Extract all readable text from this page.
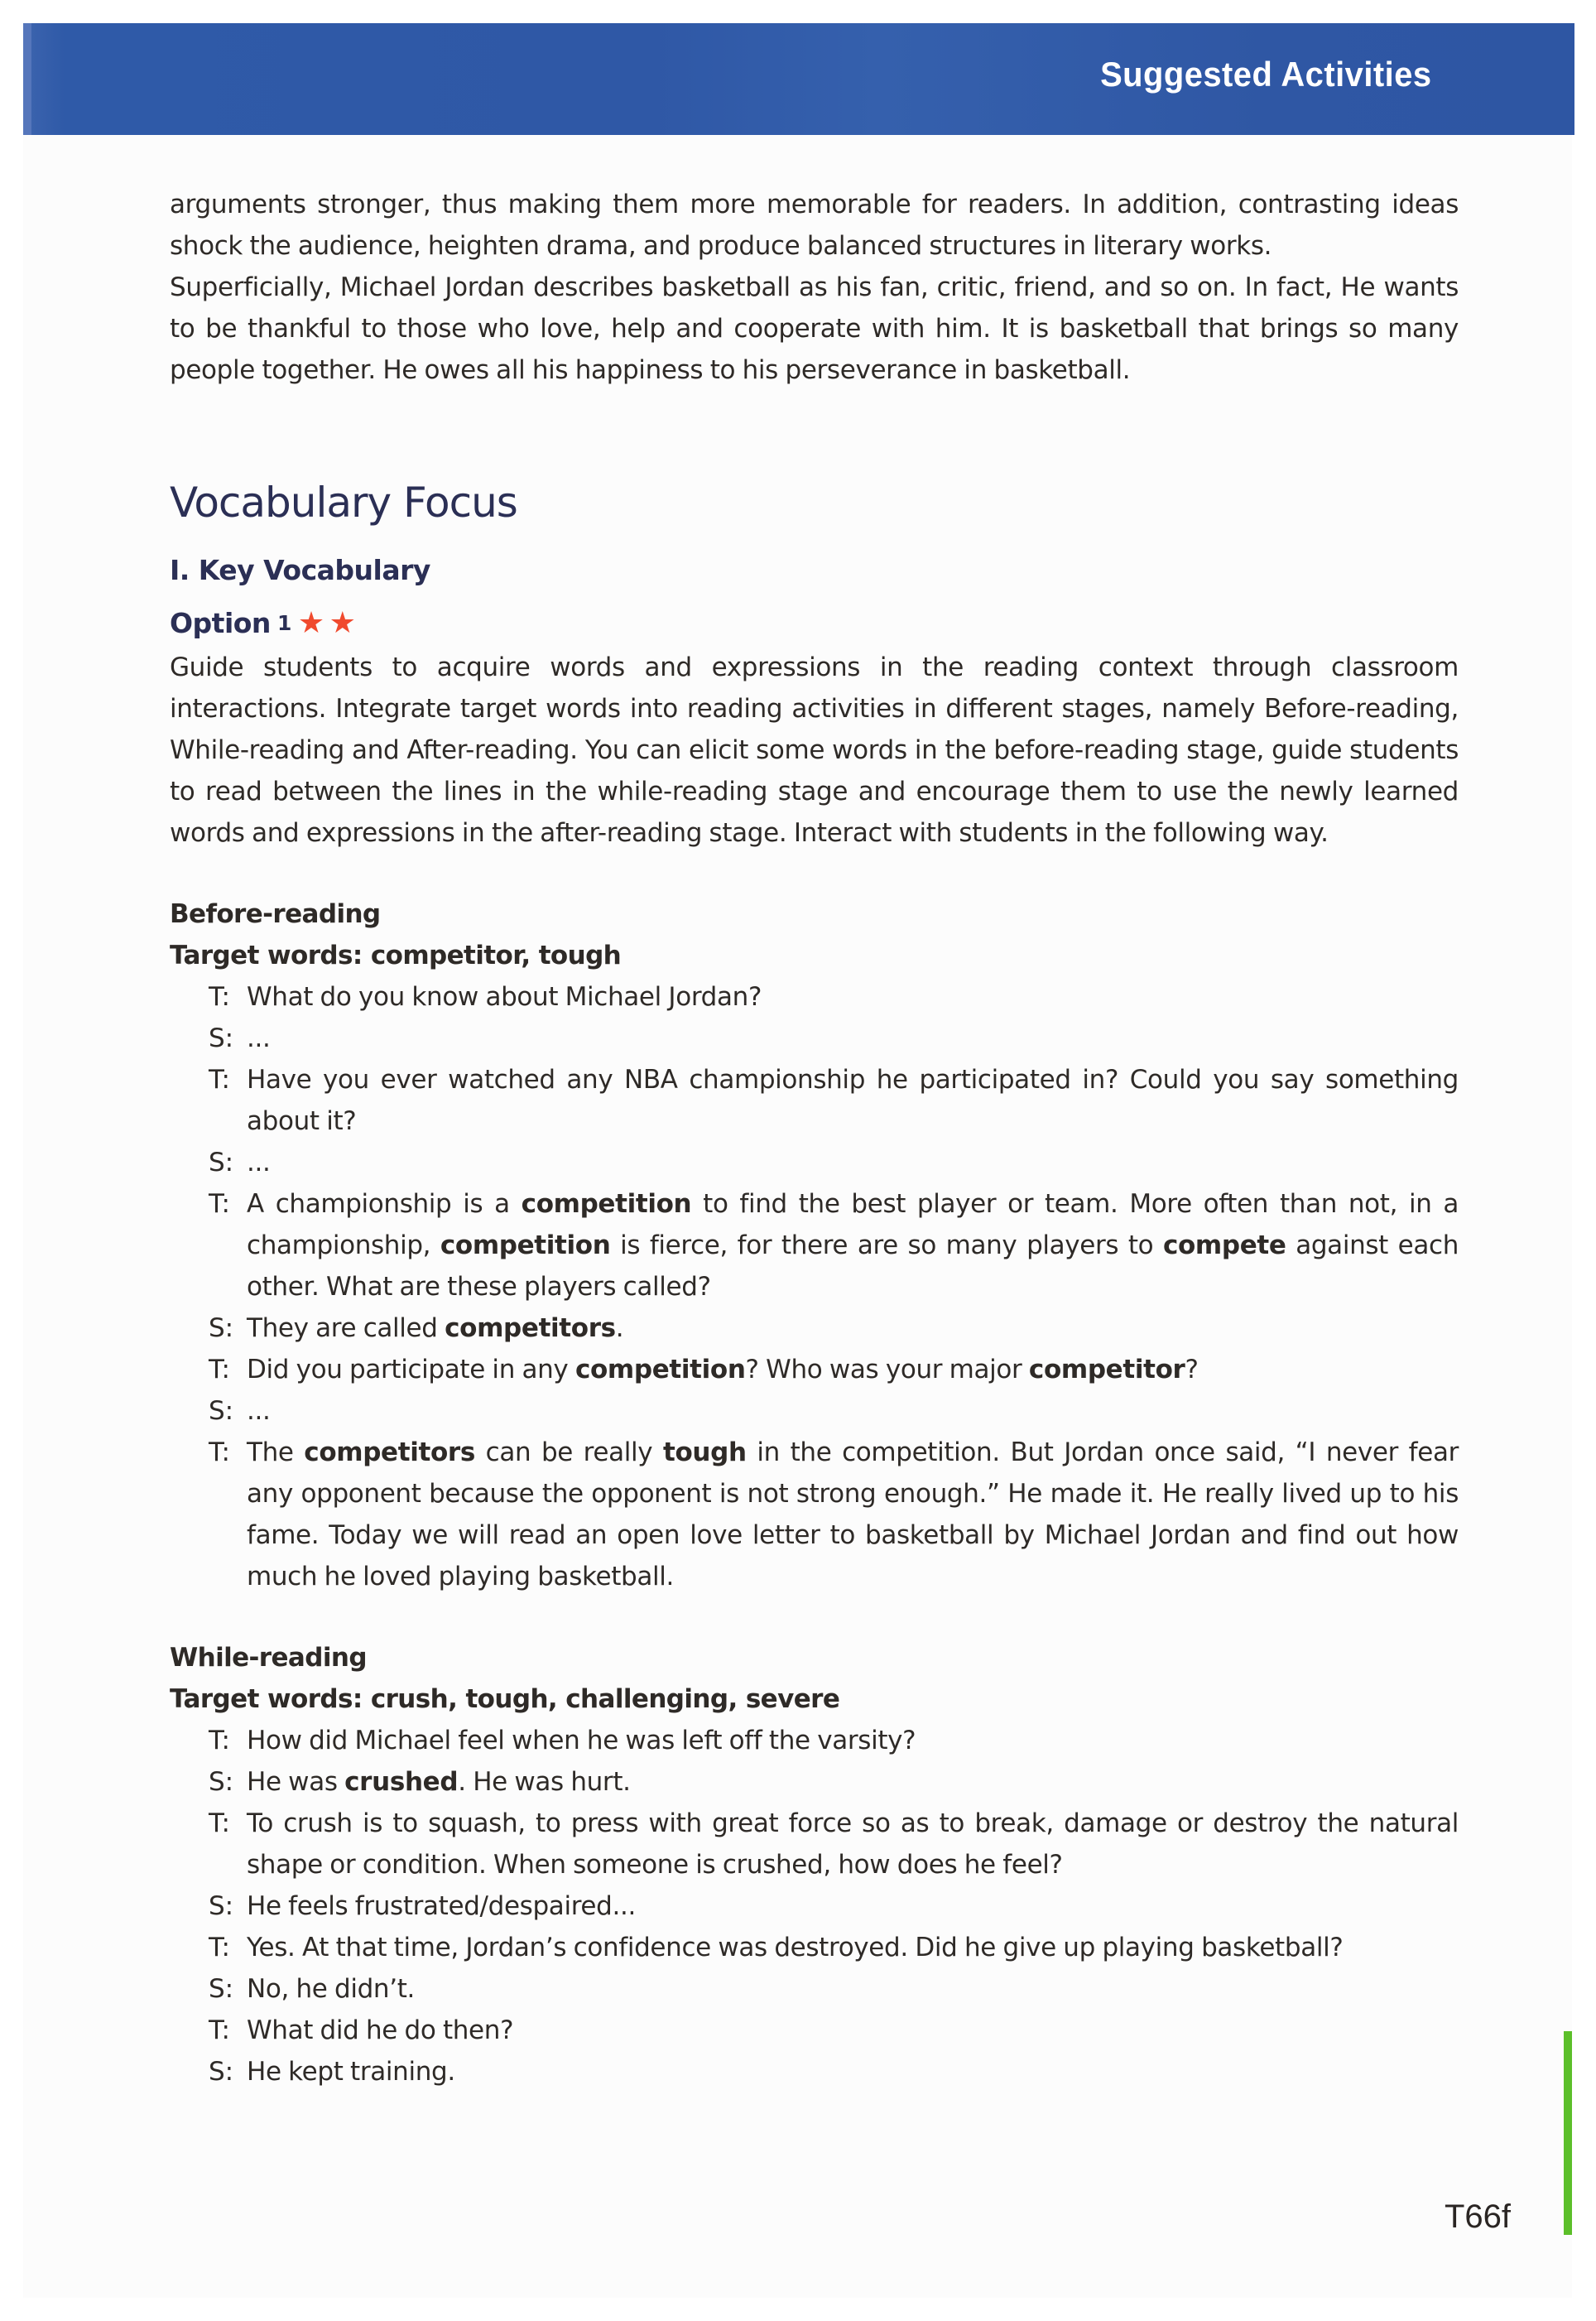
Suggested Activities

arguments stronger, thus making them more memorable for readers. In addition, contrasting ideas shock the audience, heighten drama, and produce balanced structures in literary works.

Superficially, Michael Jordan describes basketball as his fan, critic, friend, and so on. In fact, He wants to be thankful to those who love, help and cooperate with him. It is basketball that brings so many people together. He owes all his happiness to his perseverance in basketball.

Vocabulary Focus
I. Key Vocabulary
Option 1 ★ ★

Guide students to acquire words and expressions in the reading context through classroom interactions. Integrate target words into reading activities in different stages, namely Before-reading, While-reading and After-reading. You can elicit some words in the before-reading stage, guide students to read between the lines in the while-reading stage and encourage them to use the newly learned words and expressions in the after-reading stage. Interact with students in the following way.

Before-reading
Target words: competitor, tough
T: What do you know about Michael Jordan?
S: ...
T: Have you ever watched any NBA championship he participated in? Could you say something about it?
S: ...
T: A championship is a competition to find the best player or team. More often than not, in a championship, competition is fierce, for there are so many players to compete against each other. What are these players called?
S: They are called competitors.
T: Did you participate in any competition? Who was your major competitor?
S: ...
T: The competitors can be really tough in the competition. But Jordan once said, “I never fear any opponent because the opponent is not strong enough.” He made it. He really lived up to his fame. Today we will read an open love letter to basketball by Michael Jordan and find out how much he loved playing basketball.
While-reading
Target words: crush, tough, challenging, severe
T: How did Michael feel when he was left off the varsity?
S: He was crushed. He was hurt.
T: To crush is to squash, to press with great force so as to break, damage or destroy the natural shape or condition. When someone is crushed, how does he feel?
S: He feels frustrated/despaired...
T: Yes. At that time, Jordan’s confidence was destroyed. Did he give up playing basketball?
S: No, he didn’t.
T: What did he do then?
S: He kept training.
T66f
